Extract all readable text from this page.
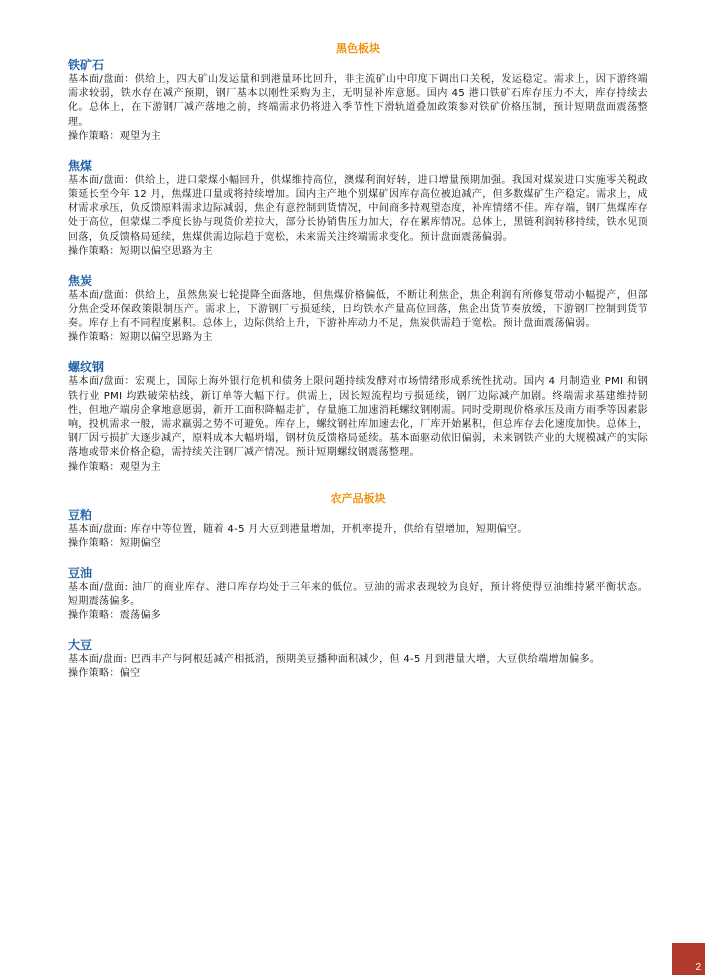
黑色板块
铁矿石

基本面/盘面：供给上，四大矿山发运量和到港量环比回升，非主流矿山中印度下调出口关税，发运稳定。需求上，因下游终端需求较弱，铁水存在减产预期，钢厂基本以刚性采购为主，无明显补库意愿。国内 45 港口铁矿石库存压力不大，库存持续去化。总体上，在下游钢厂减产落地之前，终端需求仍将进入季节性下滑轨道叠加政策参对铁矿价格压制，预计短期盘面震荡整理。

操作策略：观望为主

焦煤

基本面/盘面：供给上，进口蒙煤小幅回升，供煤维持高位，澳煤利润好转，进口增量预期加强。我国对煤炭进口实施零关税政策延长至今年 12 月，焦煤进口量或将持续增加。国内主产地个别煤矿因库存高位被迫减产，但多数煤矿生产稳定。需求上，成材需求承压，负反馈原料需求边际减弱，焦企有意控制到货情况，中间商多持观望态度，补库情绪不佳。库存端，钢厂焦煤库存处于高位，但蒙煤二季度长协与现货价差拉大，部分长协销售压力加大，存在累库情况。总体上，黑链利润转移持续，铁水见顶回落，负反馈格局延续，焦煤供需边际趋于宽松，未来需关注终端需求变化。预计盘面震荡偏弱。

操作策略：短期以偏空思路为主

焦炭

基本面/盘面：供给上，虽然焦炭七轮提降全面落地，但焦煤价格偏低，不断让利焦企，焦企利润有所修复带动小幅提产，但部分焦企受环保政策限制压产。需求上，下游钢厂亏损延续，日均铁水产量高位回落，焦企出货节奏放缓，下游钢厂控制到货节奏。库存上有不同程度累积。总体上，边际供给上升，下游补库动力不足，焦炭供需趋于宽松。预计盘面震荡偏弱。

操作策略：短期以偏空思路为主

螺纹钢

基本面/盘面：宏观上，国际上海外银行危机和债务上限问题持续发酵对市场情绪形成系统性扰动。国内 4 月制造业 PMI 和钢铁行业 PMI 均跌破荣枯线，新订单等大幅下行。供需上，因长短流程均亏损延续，钢厂边际减产加剧。终端需求基建维持韧性，但地产端房企拿地意愿弱，新开工面积降幅走扩，存量施工加速消耗螺纹钢刚需。同时受期现价格承压及南方雨季等因素影响，投机需求一般，需求羸弱之势不可避免。库存上，螺纹钢社库加速去化，厂库开始累积，但总库存去化速度加快。总体上，钢厂因亏损扩大逐步减产，原料成本大幅坍塌，钢材负反馈格局延续。基本面驱动依旧偏弱，未来钢铁产业的大规模减产的实际落地或带来价格企稳，需持续关注钢厂减产情况。预计短期螺纹钢震荡整理。

操作策略：观望为主

农产品板块
豆粕

基本面/盘面: 库存中等位置，随着 4-5 月大豆到港量增加，开机率提升，供给有望增加，短期偏空。

操作策略：短期偏空

豆油

基本面/盘面: 油厂的商业库存、港口库存均处于三年来的低位。豆油的需求表现较为良好，预计将使得豆油维持紧平衡状态。短期震荡偏多。

操作策略：震荡偏多

大豆

基本面/盘面: 巴西丰产与阿根廷减产相抵消，预期美豆播种面积减少，但 4-5 月到港量大增，大豆供给端增加偏多。

操作策略：偏空

2
